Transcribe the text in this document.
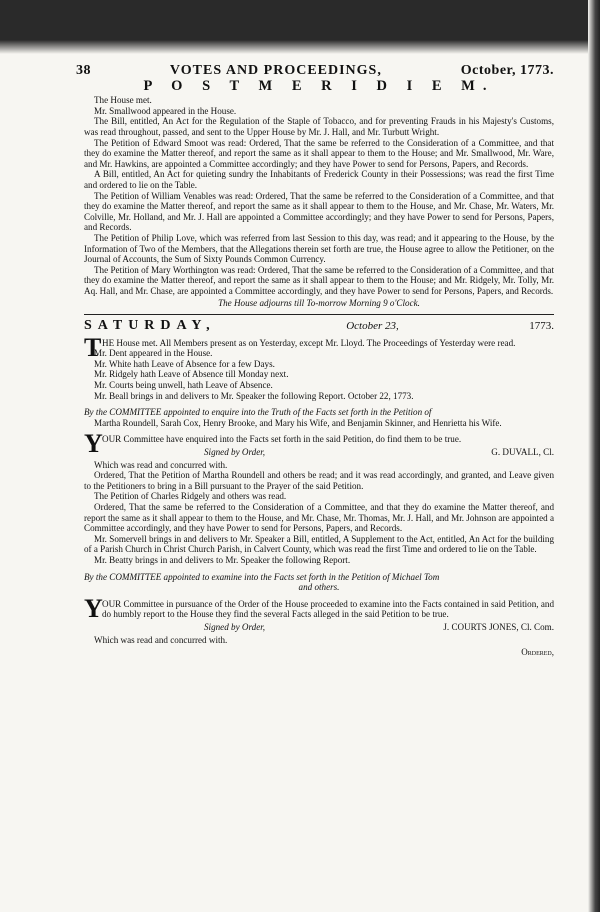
38	VOTES AND PROCEEDINGS,	October, 1773.
P O S T M E R I D I E M.

The House met.

Mr. Smallwood appeared in the House.

The Bill, entitled, An Act for the Regulation of the Staple of Tobacco, and for preventing Frauds in his Majesty's Customs, was read throughout, passed, and sent to the Upper House by Mr. J. Hall, and Mr. Turbutt Wright.

The Petition of Edward Smoot was read: Ordered, That the same be referred to the Consideration of a Committee, and that they do examine the Matter thereof, and report the same as it shall appear to them to the House; and Mr. Smallwood, Mr. Ware, and Mr. Hawkins, are appointed a Committee accordingly; and they have Power to send for Persons, Papers, and Records.

A Bill, entitled, An Act for quieting sundry the Inhabitants of Frederick County in their Possessions; was read the first Time and ordered to lie on the Table.

The Petition of William Venables was read: Ordered, That the same be referred to the Consideration of a Committee, and that they do examine the Matter thereof, and report the same as it shall appear to them to the House, and Mr. Chase, Mr. Waters, Mr. Colville, Mr. Holland, and Mr. J. Hall are appointed a Committee accordingly; and they have Power to send for Persons, Papers, and Records.

The Petition of Philip Love, which was referred from last Session to this day, was read; and it appearing to the House, by the Information of Two of the Members, that the Allegations therein set forth are true, the House agree to allow the Petitioner, on the Journal of Accounts, the Sum of Sixty Pounds Common Currency.

The Petition of Mary Worthington was read: Ordered, That the same be referred to the Consideration of a Committee, and that they do examine the Matter thereof, and report the same as it shall appear to them to the House; and Mr. Ridgely, Mr. Tolly, Mr. Aq. Hall, and Mr. Chase, are appointed a Committee accordingly, and they have Power to send for Persons, Papers, and Records.

The House adjourns till To-morrow Morning 9 o'Clock.

SATURDAY,	October 23,	1773.

T HE House met. All Members present as on Yesterday, except Mr. Lloyd. The Proceedings of Yesterday were read.

Mr. Dent appeared in the House.

Mr. White hath Leave of Absence for a few Days.

Mr. Ridgely hath Leave of Absence till Monday next.

Mr. Courts being unwell, hath Leave of Absence.

Mr. Beall brings in and delivers to Mr. Speaker the following Report. October 22, 1773.

By the COMMITTEE appointed to enquire into the Truth of the Facts set forth in the Petition of

Martha Roundell, Sarah Cox, Henry Brooke, and Mary his Wife, and Benjamin Skinner, and Henrietta his Wife.

Y OUR Committee have enquired into the Facts set forth in the said Petition, do find them to be true.

Signed by Order,	G. DUVALL, Cl.

Which was read and concurred with.

Ordered, That the Petition of Martha Roundell and others be read; and it was read accordingly, and granted, and Leave given to the Petitioners to bring in a Bill pursuant to the Prayer of the said Petition.

The Petition of Charles Ridgely and others was read.

Ordered, That the same be referred to the Consideration of a Committee, and that they do examine the Matter thereof, and report the same as it shall appear to them to the House, and Mr. Chase, Mr. Thomas, Mr. J. Hall, and Mr. Johnson are appointed a Committee accordingly, and they have Power to send for Persons, Papers, and Records.

Mr. Somervell brings in and delivers to Mr. Speaker a Bill, entitled, A Supplement to the Act, entitled, An Act for the building of a Parish Church in Christ Church Parish, in Calvert County, which was read the first Time and ordered to lie on the Table.

Mr. Beatty brings in and delivers to Mr. Speaker the following Report.

By the COMMITTEE appointed to examine into the Facts set forth in the Petition of Michael Tom

and others.

Y OUR Committee in pursuance of the Order of the House proceeded to examine into the Facts contained in said Petition, and do humbly report to the House they find the several Facts alleged in the said Petition to be true.

Signed by Order,	J. COURTS JONES, Cl. Com.

Which was read and concurred with.

Ordered,
